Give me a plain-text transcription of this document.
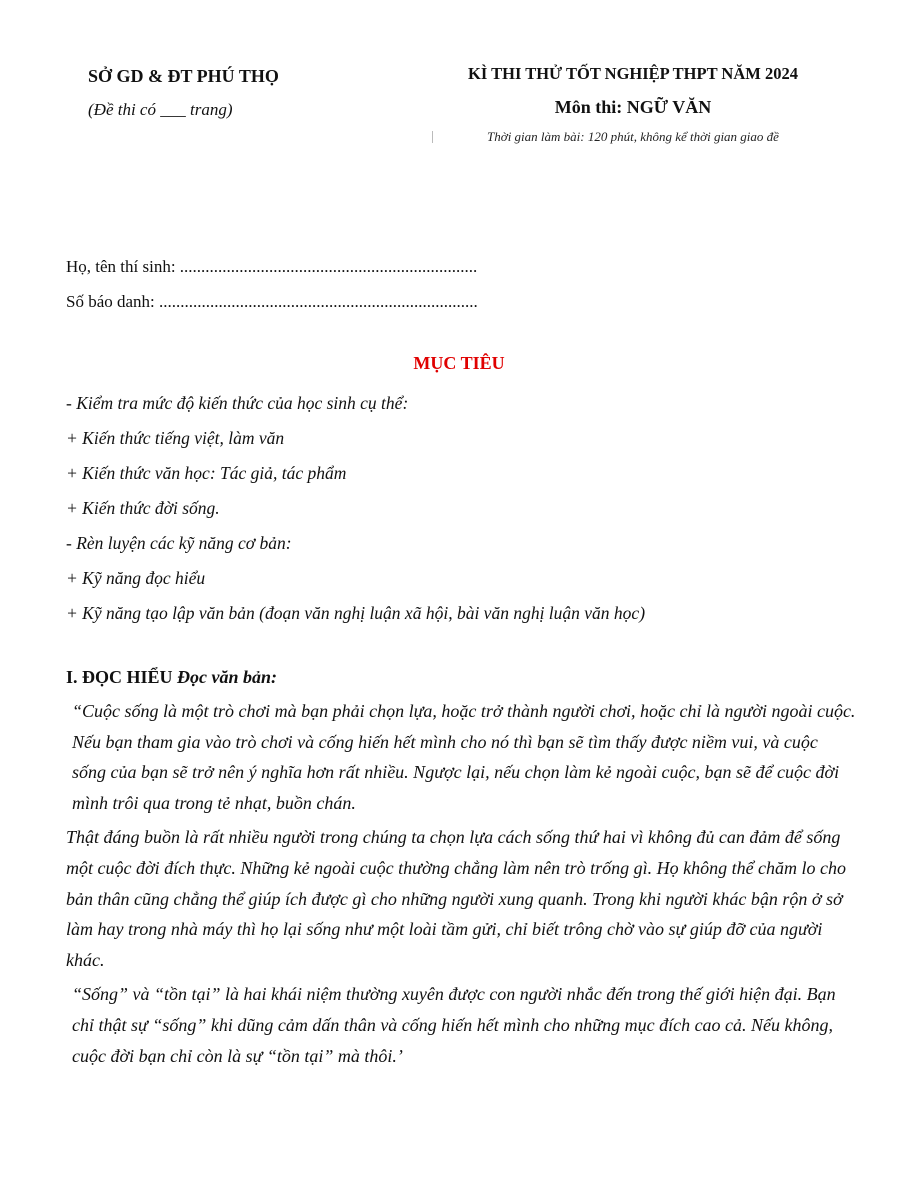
SỞ GD & ĐT PHÚ THỌ
(Đề thi có ___ trang)
KÌ THI THỬ TỐT NGHIỆP THPT NĂM 2024
Môn thi: NGỮ VĂN
Thời gian làm bài: 120 phút, không kể thời gian giao đề
Họ, tên thí sinh: ......................................................................
Số báo danh: ...........................................................................
MỤC TIÊU
- Kiểm tra mức độ kiến thức của học sinh cụ thể:
+ Kiến thức tiếng việt, làm văn
+ Kiến thức văn học: Tác giả, tác phẩm
+ Kiến thức đời sống.
- Rèn luyện các kỹ năng cơ bản:
+ Kỹ năng đọc hiểu
+ Kỹ năng tạo lập văn bản (đoạn văn nghị luận xã hội, bài văn nghị luận văn học)
I. ĐỌC HIỂU Đọc văn bản:

“Cuộc sống là một trò chơi mà bạn phải chọn lựa, hoặc trở thành người chơi, hoặc chỉ là người ngoài cuộc. Nếu bạn tham gia vào trò chơi và cống hiến hết mình cho nó thì bạn sẽ tìm thấy được niềm vui, và cuộc sống của bạn sẽ trở nên ý nghĩa hơn rất nhiều. Ngược lại, nếu chọn làm kẻ ngoài cuộc, bạn sẽ để cuộc đời mình trôi qua trong tẻ nhạt, buồn chán.

Thật đáng buồn là rất nhiều người trong chúng ta chọn lựa cách sống thứ hai vì không đủ can đảm để sống một cuộc đời đích thực. Những kẻ ngoài cuộc thường chẳng làm nên trò trống gì. Họ không thể chăm lo cho bản thân cũng chẳng thể giúp ích được gì cho những người xung quanh. Trong khi người khác bận rộn ở sở làm hay trong nhà máy thì họ lại sống như một loài tầm gửi, chỉ biết trông chờ vào sự giúp đỡ của người khác.

“Sống” và “tồn tại” là hai khái niệm thường xuyên được con người nhắc đến trong thế giới hiện đại. Bạn chỉ thật sự “sống” khi dũng cảm dấn thân và cống hiến hết mình cho những mục đích cao cả. Nếu không, cuộc đời bạn chỉ còn là sự “tồn tại” mà thôi.’
